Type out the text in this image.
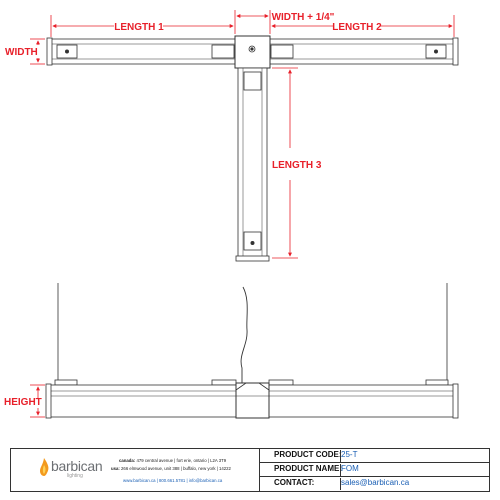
LENGTH 1
WIDTH + 1/4"
LENGTH 2
WIDTH
LENGTH 3
HEIGHT
barbican
lighting
canada: 479 central avenue | fort erie, ontario | L2A 3T9
usa: 266 elmwood avenue, unit 388 | buffalo, new york | 14222
www.barbican.ca | 800.661.5781 | info@barbican.ca
PRODUCT CODE: 25-T
PRODUCT NAME: FOM
CONTACT:	sales@barbican.ca
